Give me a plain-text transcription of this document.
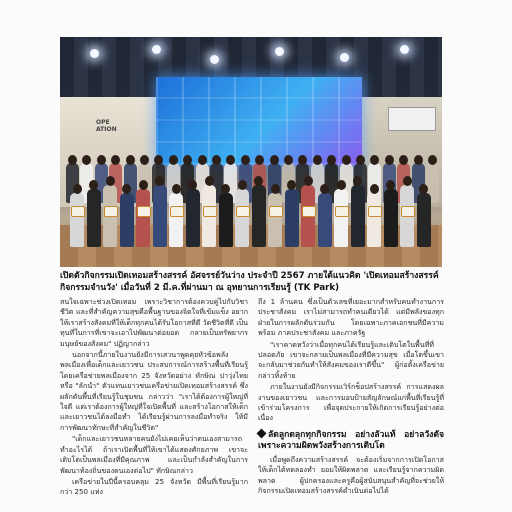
OPE
ATION
เปิดตัวกิจกรรมเปิดเทอมสร้างสรรค์ อัศจรรย์วันว่าง ประจำปี 2567 ภายใต้แนวคิด 'เปิดเทอมสร้างสรรค์ กิจกรรมจำนวัง' เมื่อวันที่ 2 มี.ค.ที่ผ่านมา ณ อุทยานการเรียนรู้ (TK Park)

สนใจเฉพาะช่วงเปิดเทอม เพราะวิชาการต้องควบคู่ไปกับวิชาชีวิต และที่สำคัญความสุขคือพื้นฐานของจิตใจที่เข้มแข็ง อยากให้เราสร้างสังคมที่ให้เด็กทุกคนได้รับโอกาสที่ดี วัดชีวิตที่ดี เป็นทุนที่ในการที่เขาจะเอาไปพัฒนาต่อยอด กลายเป็นทรัพยากรมนุษย์ของสังคม" ปฏิญากล่าว

นอกจากนี้ภายในงานยังมีการเสวนาพูดคุยหัวข้อพลังพลเมืองเพื่อเด็กและเยาวชน ประสบการณ์การสร้างพื้นที่เรียนรู้ โดยเครือข่ายพลเมืองจาก 25 จังหวัดอย่าง ทักษิณ ปาวุ่งไทย หรือ "ลักนำ" ตัวแทนเยาวชนเครือข่ายเปิดเทอมสร้างสรรค์ ซึ่งผลักดันพื้นที่เรียนรู้ในชุมชน กล่าวว่า "เราได้ต้องการผู้ใหญ่ที่ใจดี แต่เราต้องการผู้ใหญ่ที่ใจเปิดพื้นที่ และสร้างโอกาสให้เด็กและเยาวชนได้ลงมือทำ ได้เรียนรู้ผ่านการลงมือทำจริง ให้มีการพัฒนาทักษะที่สำคัญในชีวิต"

"เด็กและเยาวชนหลายคนยังไม่เคยเห็นว่าตนเองสามารถทำอะไรได้ ถ้าเราเปิดพื้นที่ให้เขาได้แสดงศักยภาพ เขาจะเติบโตเป็นพลเมืองที่มีคุณภาพ และเป็นกำลังสำคัญในการพัฒนาท้องถิ่นของตนเองต่อไป" ทักษิณกล่าว

เครือข่ายในปีนี้ครอบคลุม 25 จังหวัด มีพื้นที่เรียนรู้มากกว่า 250 แห่ง

ถึง 1 ล้านคน ซึ่งเป็นตัวเลขที่เยอะมากสำหรับคนทำงานการประชาสังคม เราไม่สามารถทำคนเดียวได้ แต่มีพลังของทุกฝ่ายในการผลักดันร่วมกัน โดยเฉพาะภาคเอกชนที่มีความพร้อม ภาคประชาสังคม และภาครัฐ

"เราคาดหวังว่าเมื่อทุกคนได้เรียนรู้และเติบโตในพื้นที่ที่ปลอดภัย เขาจะกลายเป็นพลเมืองที่มีความสุข เมื่อโตขึ้นเขาจะกลับมาช่วยกันทำให้สังคมของเราดีขึ้น" ผู้ก่อตั้งเครือข่ายกล่าวทิ้งท้าย

ภายในงานยังมีกิจกรรมเวิร์กช็อปสร้างสรรค์ การแสดงผลงานของเยาวชน และการมอบป้ายสัญลักษณ์แก่พื้นที่เรียนรู้ที่เข้าร่วมโครงการ เพื่อจุดประกายให้เกิดการเรียนรู้อย่างต่อเนื่อง

ลัดลูกดลุกทุกกิจกรรม อย่างลัวแท้ อย่าลวังตัจเพราะความผิดพวังสร้างการเติบโต

เมื่อพูดถึงความสร้างสรรค์ จะต้องเริ่มจากการเปิดโอกาสให้เด็กได้ทดลองทำ ยอมให้ผิดพลาด และเรียนรู้จากความผิดพลาด ผู้ปกครองและครูคือผู้สนับสนุนสำคัญที่จะช่วยให้กิจกรรมเปิดเทอมสร้างสรรค์ดำเนินต่อไปได้
